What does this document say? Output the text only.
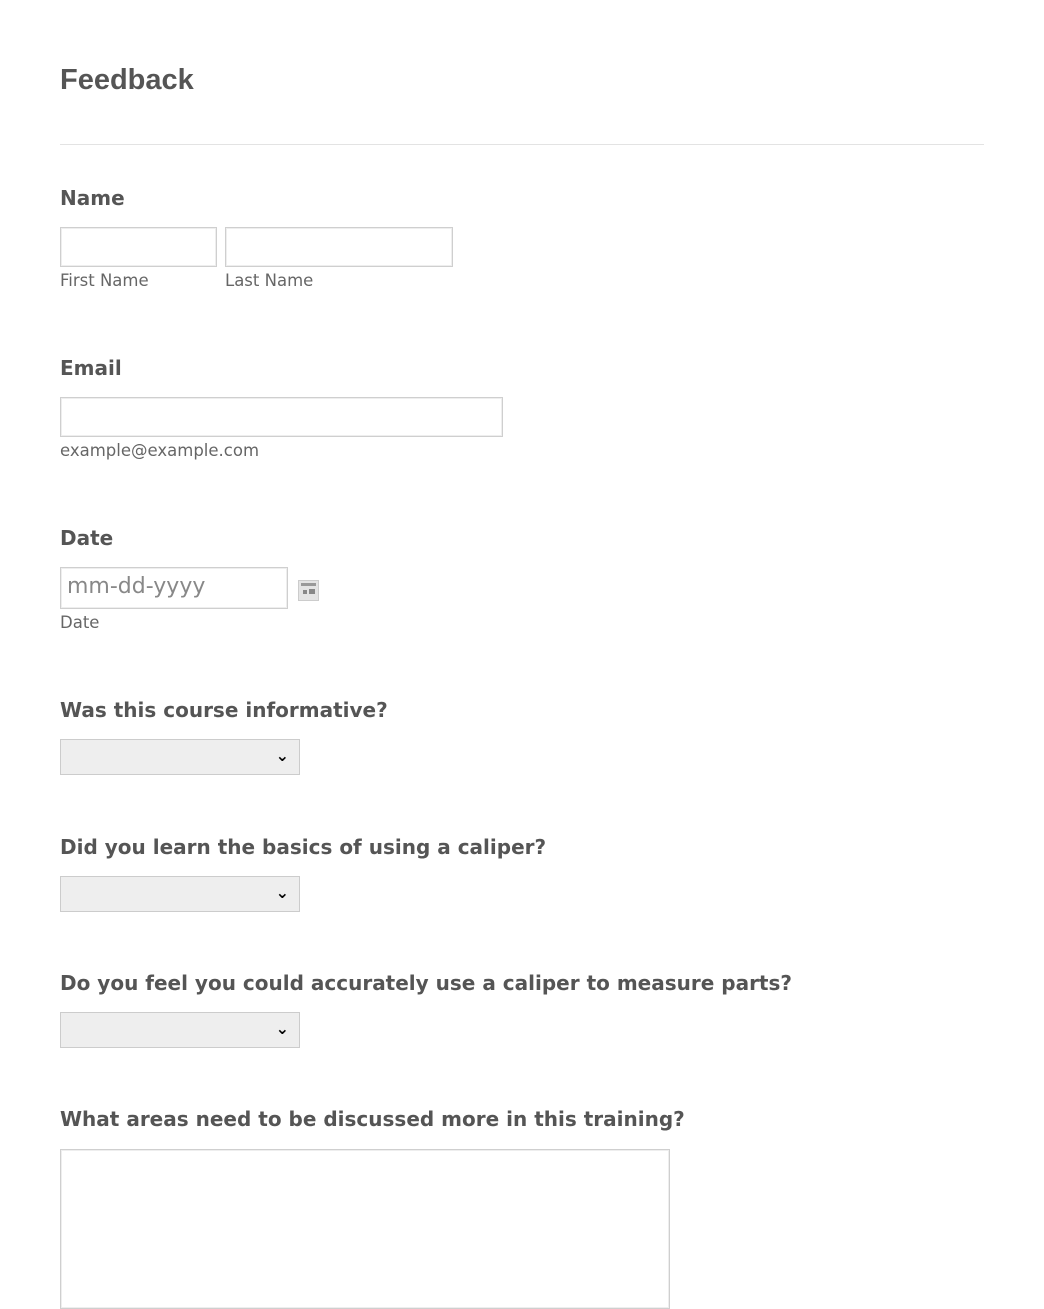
Feedback
Name
First Name	Last Name
Email
example@example.com
Date
mm-dd-yyyy
Date
Was this course informative?
⌄
Did you learn the basics of using a caliper?
⌄
Do you feel you could accurately use a caliper to measure parts?
⌄
What areas need to be discussed more in this training?
